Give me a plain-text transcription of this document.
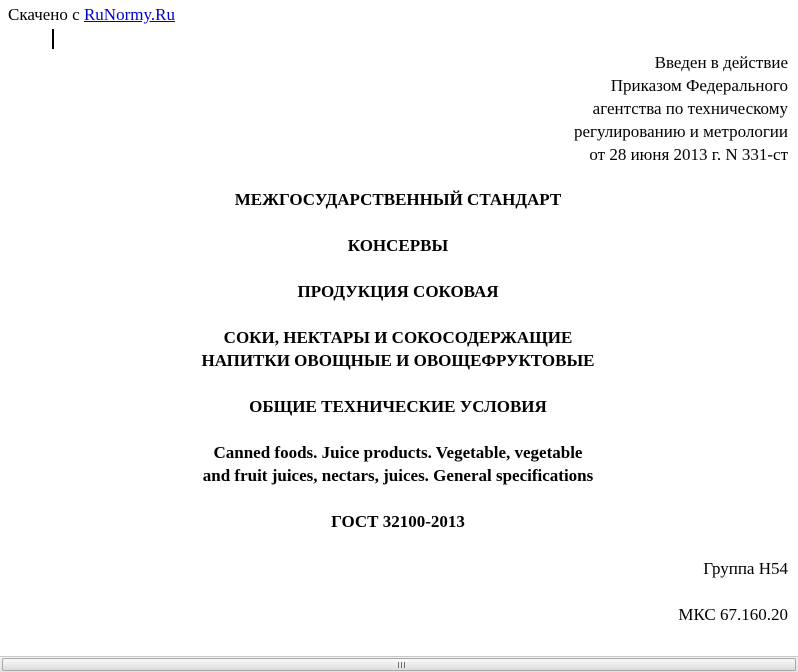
Скачено с RuNormy.Ru
Введен в действие
Приказом Федерального
агентства по техническому
регулированию и метрологии
от 28 июня 2013 г. N 331-ст
МЕЖГОСУДАРСТВЕННЫЙ СТАНДАРТ
КОНСЕРВЫ
ПРОДУКЦИЯ СОКОВАЯ
СОКИ, НЕКТАРЫ И СОКОСОДЕРЖАЩИЕ
НАПИТКИ ОВОЩНЫЕ И ОВОЩЕФРУКТОВЫЕ
ОБЩИЕ ТЕХНИЧЕСКИЕ УСЛОВИЯ
Canned foods. Juice products. Vegetable, vegetable
and fruit juices, nectars, juices. General specifications
ГОСТ 32100-2013
Группа Н54
МКС 67.160.20
